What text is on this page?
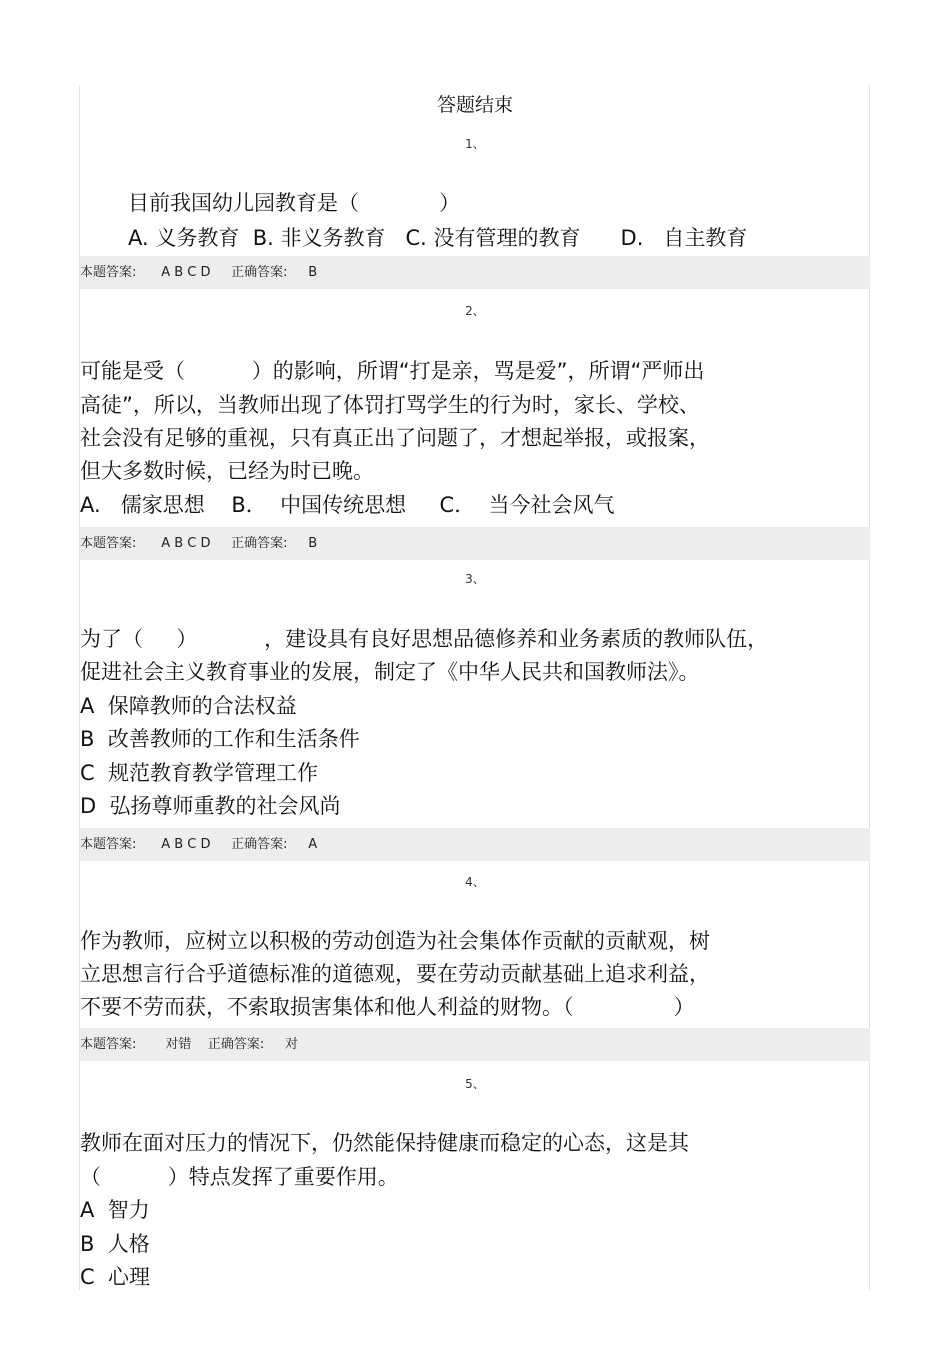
答题结束
1、
目前我国幼儿园教育是（            ）
A. 义务教育  B. 非义务教育   C. 没有管理的教育      D.   自主教育
本题答案: A B C D 正确答案: B
2、
可能是受（          ）的影响，所谓“打是亲，骂是爱”，所谓“严师出
高徒”，所以，当教师出现了体罚打骂学生的行为时，家长、学校、
社会没有足够的重视，只有真正出了问题了，才想起举报，或报案，
但大多数时候，已经为时已晚。
A.   儒家思想    B．  中国传统思想     C．  当今社会风气
本题答案: A B C D 正确答案: B
3、
为了（     ）          ，建设具有良好思想品德修养和业务素质的教师队伍，
促进社会主义教育事业的发展，制定了《中华人民共和国教师法》。
A  保障教师的合法权益
B  改善教师的工作和生活条件
C  规范教育教学管理工作
D  弘扬尊师重教的社会风尚
本题答案: A B C D 正确答案: A
4、
作为教师，应树立以积极的劳动创造为社会集体作贡献的贡献观，树
立思想言行合乎道德标准的道德观，要在劳动贡献基础上追求利益，
不要不劳而获，不索取损害集体和他人利益的财物。（               ）
本题答案: 对错 正确答案: 对
5、
教师在面对压力的情况下，仍然能保持健康而稳定的心态，这是其
（          ）特点发挥了重要作用。
A  智力
B  人格
C  心理
